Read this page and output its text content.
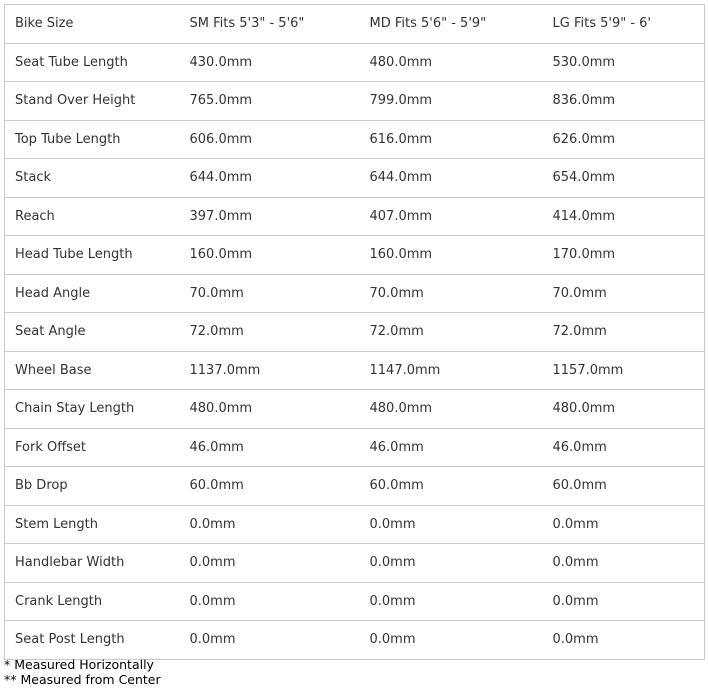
Bike Size	SM Fits 5'3" - 5'6"	MD Fits 5'6" - 5'9"	LG Fits 5'9" - 6'
Seat Tube Length	430.0mm	480.0mm	530.0mm
Stand Over Height	765.0mm	799.0mm	836.0mm
Top Tube Length	606.0mm	616.0mm	626.0mm
Stack	644.0mm	644.0mm	654.0mm
Reach	397.0mm	407.0mm	414.0mm
Head Tube Length	160.0mm	160.0mm	170.0mm
Head Angle	70.0mm	70.0mm	70.0mm
Seat Angle	72.0mm	72.0mm	72.0mm
Wheel Base	1137.0mm	1147.0mm	1157.0mm
Chain Stay Length	480.0mm	480.0mm	480.0mm
Fork Offset	46.0mm	46.0mm	46.0mm
Bb Drop	60.0mm	60.0mm	60.0mm
Stem Length	0.0mm	0.0mm	0.0mm
Handlebar Width	0.0mm	0.0mm	0.0mm
Crank Length	0.0mm	0.0mm	0.0mm
Seat Post Length	0.0mm	0.0mm	0.0mm
* Measured Horizontally
** Measured from Center
